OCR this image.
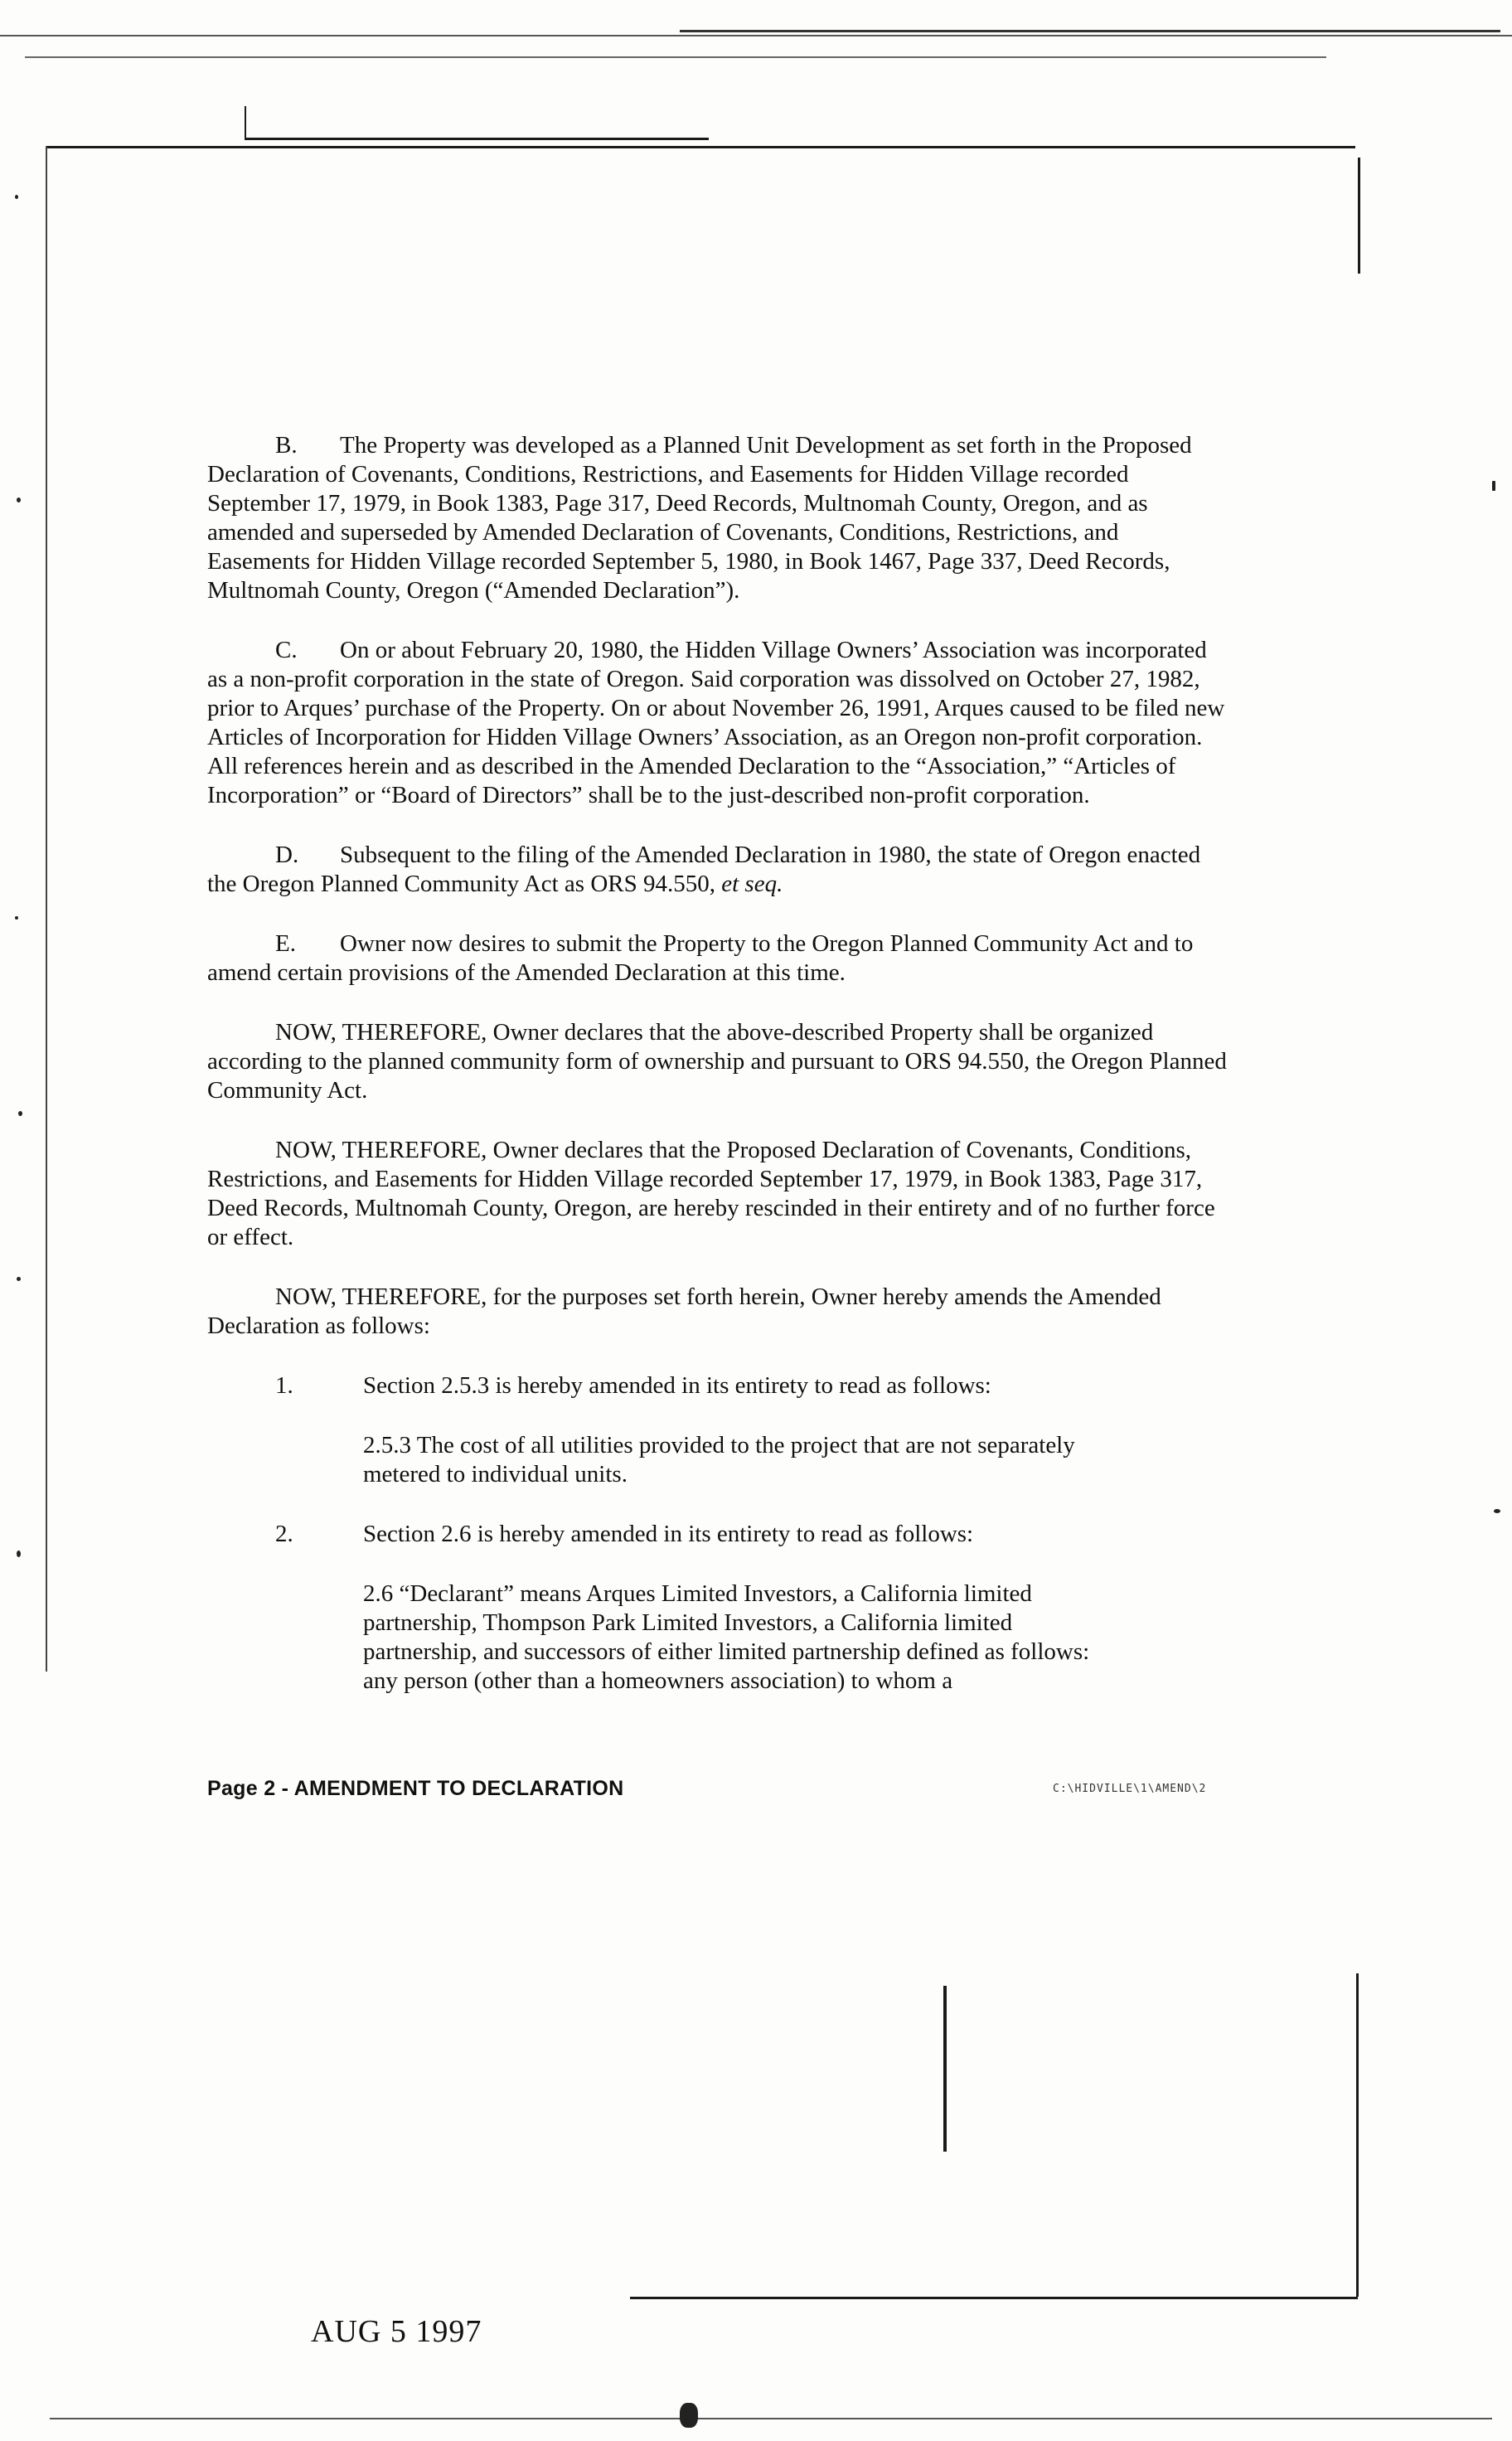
B. The Property was developed as a Planned Unit Development as set forth in the Proposed Declaration of Covenants, Conditions, Restrictions, and Easements for Hidden Village recorded September 17, 1979, in Book 1383, Page 317, Deed Records, Multnomah County, Oregon, and as amended and superseded by Amended Declaration of Covenants, Conditions, Restrictions, and Easements for Hidden Village recorded September 5, 1980, in Book 1467, Page 337, Deed Records, Multnomah County, Oregon (“Amended Declaration”).

C. On or about February 20, 1980, the Hidden Village Owners’ Association was incorporated as a non-profit corporation in the state of Oregon. Said corporation was dissolved on October 27, 1982, prior to Arques’ purchase of the Property. On or about November 26, 1991, Arques caused to be filed new Articles of Incorporation for Hidden Village Owners’ Association, as an Oregon non-profit corporation. All references herein and as described in the Amended Declaration to the “Association,” “Articles of Incorporation” or “Board of Directors” shall be to the just-described non-profit corporation.

D. Subsequent to the filing of the Amended Declaration in 1980, the state of Oregon enacted the Oregon Planned Community Act as ORS 94.550, et seq.

E. Owner now desires to submit the Property to the Oregon Planned Community Act and to amend certain provisions of the Amended Declaration at this time.

NOW, THEREFORE, Owner declares that the above-described Property shall be organized according to the planned community form of ownership and pursuant to ORS 94.550, the Oregon Planned Community Act.

NOW, THEREFORE, Owner declares that the Proposed Declaration of Covenants, Conditions, Restrictions, and Easements for Hidden Village recorded September 17, 1979, in Book 1383, Page 317, Deed Records, Multnomah County, Oregon, are hereby rescinded in their entirety and of no further force or effect.

NOW, THEREFORE, for the purposes set forth herein, Owner hereby amends the Amended Declaration as follows:

1.	Section 2.5.3 is hereby amended in its entirety to read as follows:
2.5.3 The cost of all utilities provided to the project that are not separately metered to individual units.
2.	Section 2.6 is hereby amended in its entirety to read as follows:
2.6 “Declarant” means Arques Limited Investors, a California limited partnership, Thompson Park Limited Investors, a California limited partnership, and successors of either limited partnership defined as follows: any person (other than a homeowners association) to whom a
Page 2 - AMENDMENT TO DECLARATION	C:\HIDVILLE\1\AMEND\2
AUG 5 1997
